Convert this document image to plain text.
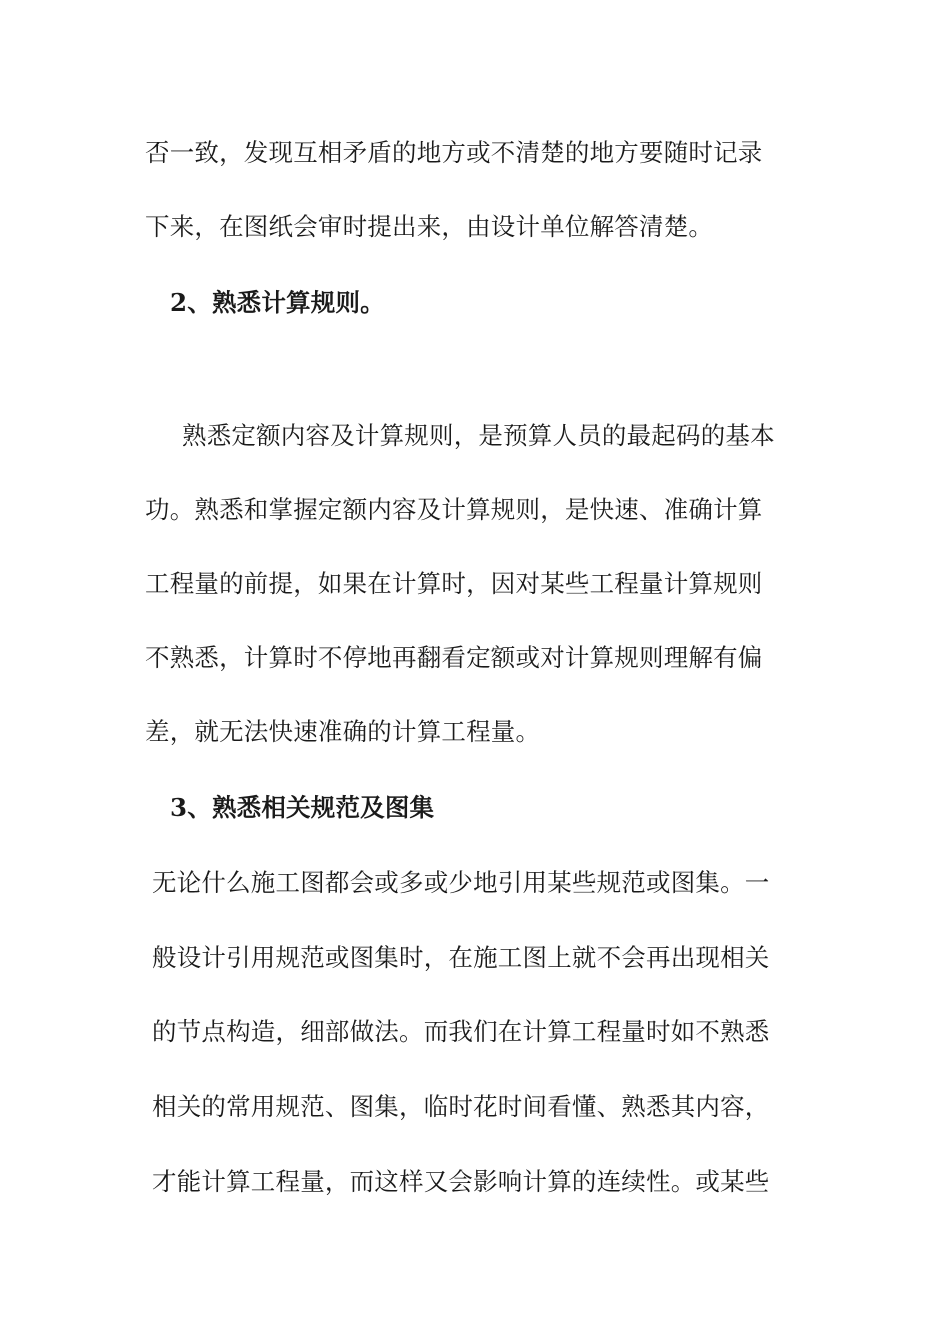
否一致，发现互相矛盾的地方或不清楚的地方要随时记录
下来，在图纸会审时提出来，由设计单位解答清楚。
2、熟悉计算规则。
熟悉定额内容及计算规则，是预算人员的最起码的基本
功。熟悉和掌握定额内容及计算规则，是快速、准确计算
工程量的前提，如果在计算时，因对某些工程量计算规则
不熟悉，计算时不停地再翻看定额或对计算规则理解有偏
差，就无法快速准确的计算工程量。
3、熟悉相关规范及图集
无论什么施工图都会或多或少地引用某些规范或图集。一
般设计引用规范或图集时，在施工图上就不会再出现相关
的节点构造，细部做法。而我们在计算工程量时如不熟悉
相关的常用规范、图集，临时花时间看懂、熟悉其内容，
才能计算工程量，而这样又会影响计算的连续性。或某些
